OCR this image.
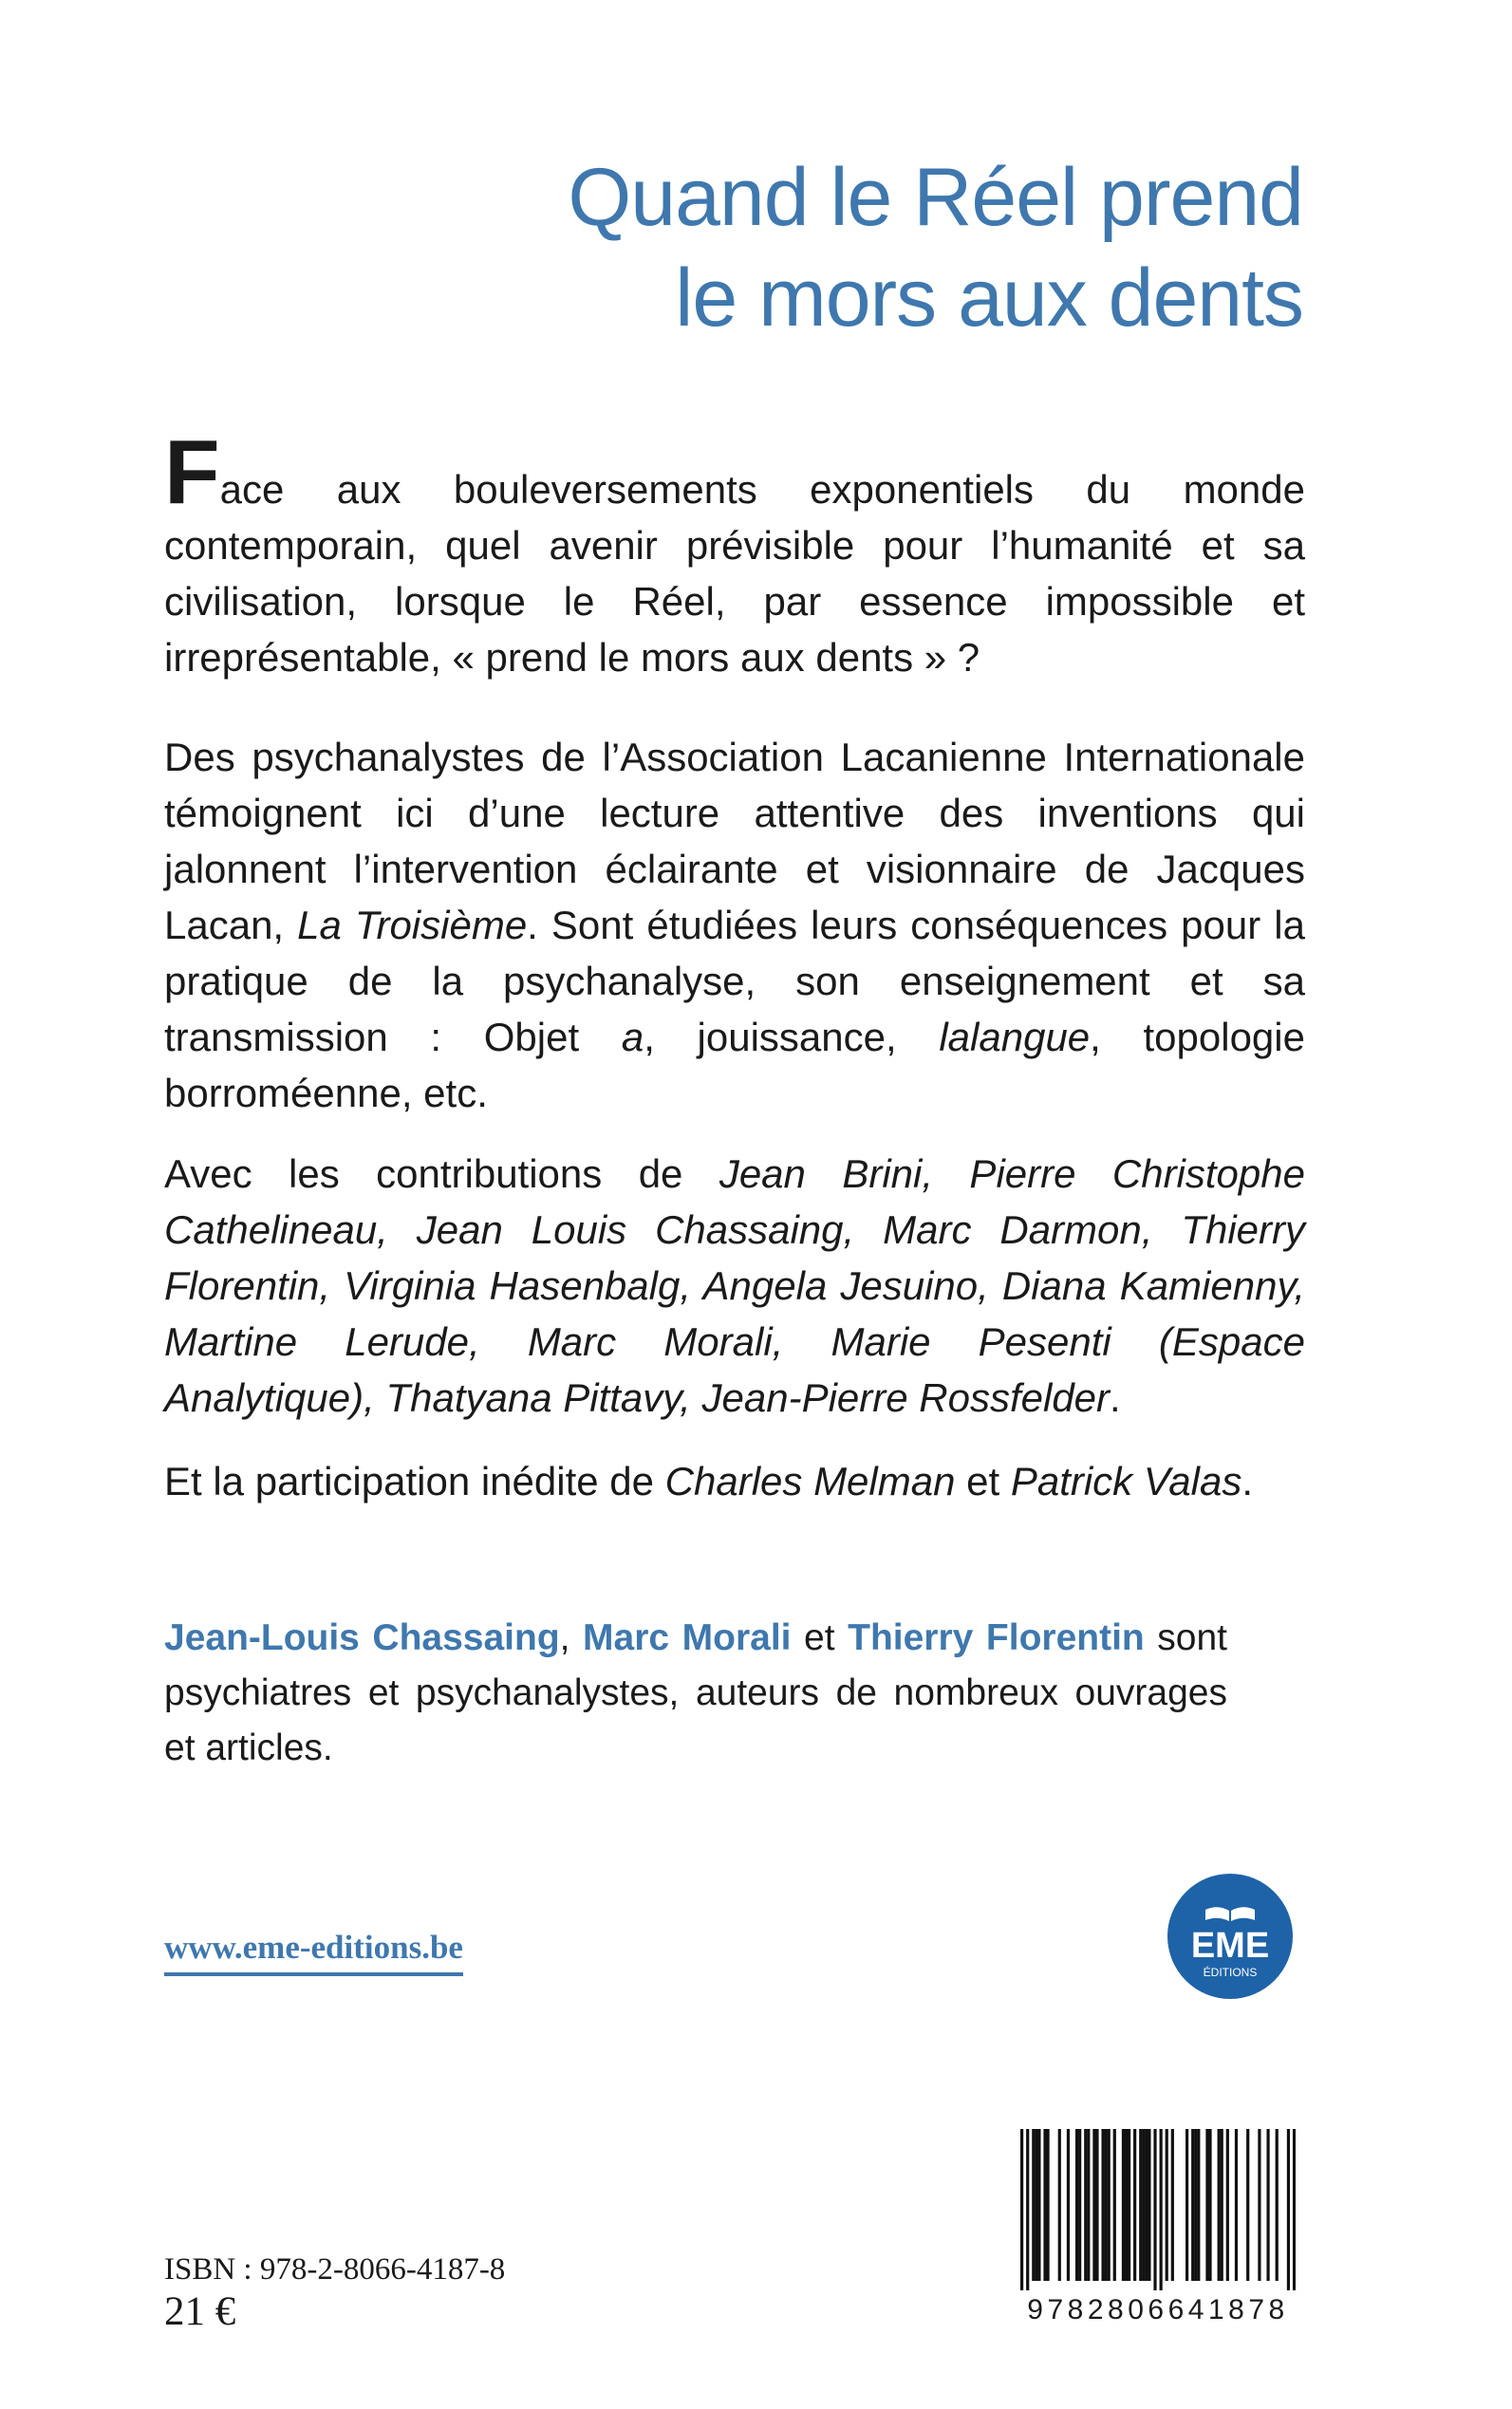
Quand le Réel prend
le mors aux dents

Face aux bouleversements exponentiels du monde contemporain, quel avenir prévisible pour l’humanité et sa civilisation, lorsque le Réel, par essence impossible et irreprésentable, « prend le mors aux dents » ?

Des psychanalystes de l’Association Lacanienne Internationale témoignent ici d’une lecture attentive des inventions qui jalonnent l’intervention éclairante et visionnaire de Jacques Lacan, La Troisième. Sont étudiées leurs conséquences pour la pratique de la psychanalyse, son enseignement et sa transmission : Objet a, jouissance, lalangue, topologie borroméenne, etc.

Avec les contributions de Jean Brini, Pierre Christophe Cathelineau, Jean Louis Chassaing, Marc Darmon, Thierry Florentin, Virginia Hasenbalg, Angela Jesuino, Diana Kamienny, Martine Lerude, Marc Morali, Marie Pesenti (Espace Analytique), Thatyana Pittavy, Jean-Pierre Rossfelder.

Et la participation inédite de Charles Melman et Patrick Valas.

Jean-Louis Chassaing, Marc Morali et Thierry Florentin sont psychiatres et psychanalystes, auteurs de nombreux ouvrages et articles.

www.eme-editions.be	EME
ÉDITIONS
ISBN : 978-2-8066-4187-8
21 €	9782806641878
